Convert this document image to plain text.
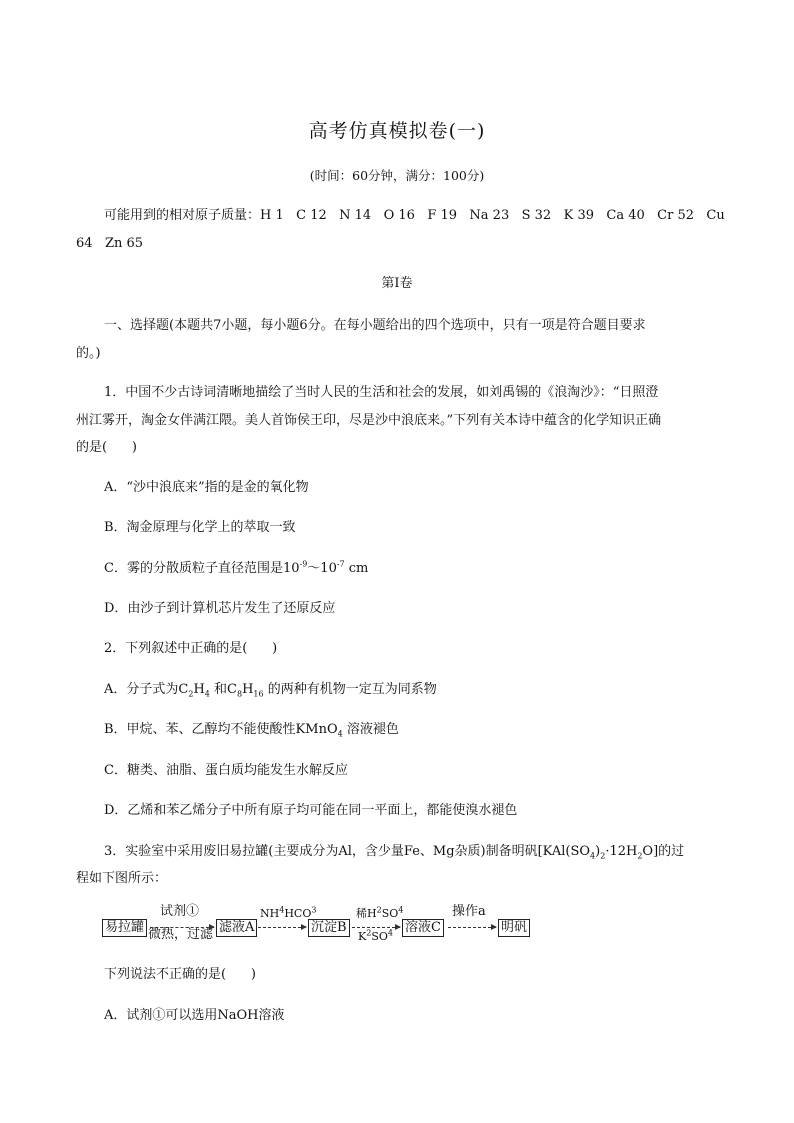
高考仿真模拟卷(一)
(时间：60分钟，满分：100分)
可能用到的相对原子质量：H 1   C 12   N 14   O 16   F 19   Na 23   S 32   K 39   Ca 40   Cr 52   Cu
64   Zn 65
第Ⅰ卷
一、选择题(本题共7小题，每小题6分。在每小题给出的四个选项中，只有一项是符合题目要求
的。)
1．中国不少古诗词清晰地描绘了当时人民的生活和社会的发展，如刘禹锡的《浪淘沙》：“日照澄
州江雾开，淘金女伴满江隈。美人首饰侯王印，尽是沙中浪底来。”下列有关本诗中蕴含的化学知识正确
的是(      )
A．“沙中浪底来”指的是金的氧化物
B．淘金原理与化学上的萃取一致
C．雾的分散质粒子直径范围是$10^{-9}\sim 10^{-7}$ cm
D．由沙子到计算机芯片发生了还原反应
2．下列叙述中正确的是(      )
A．分子式为$C_2H_4$ 和$C_8H_{16}$ 的两种有机物一定互为同系物
B．甲烷、苯、乙醇均不能使酸性KMnO$_4$ 溶液褪色
C．糖类、油脂、蛋白质均能发生水解反应
D．乙烯和苯乙烯分子中所有原子均可能在同一平面上，都能使溴水褪色
3．实验室中采用废旧易拉罐(主要成分为Al，含少量Fe、Mg杂质)制备明矾$[KAl(SO_4)_2\cdot 12H_2O]$的过
程如下图所示：
易拉罐
试剂①
微热，过滤 滤液A
$NH^4HCO^3$
沉淀B
稀$H^2SO^4$
$K^2SO^4$ 溶液C
操作a
明矾
下列说法不正确的是(      )
A．试剂①可以选用NaOH溶液
